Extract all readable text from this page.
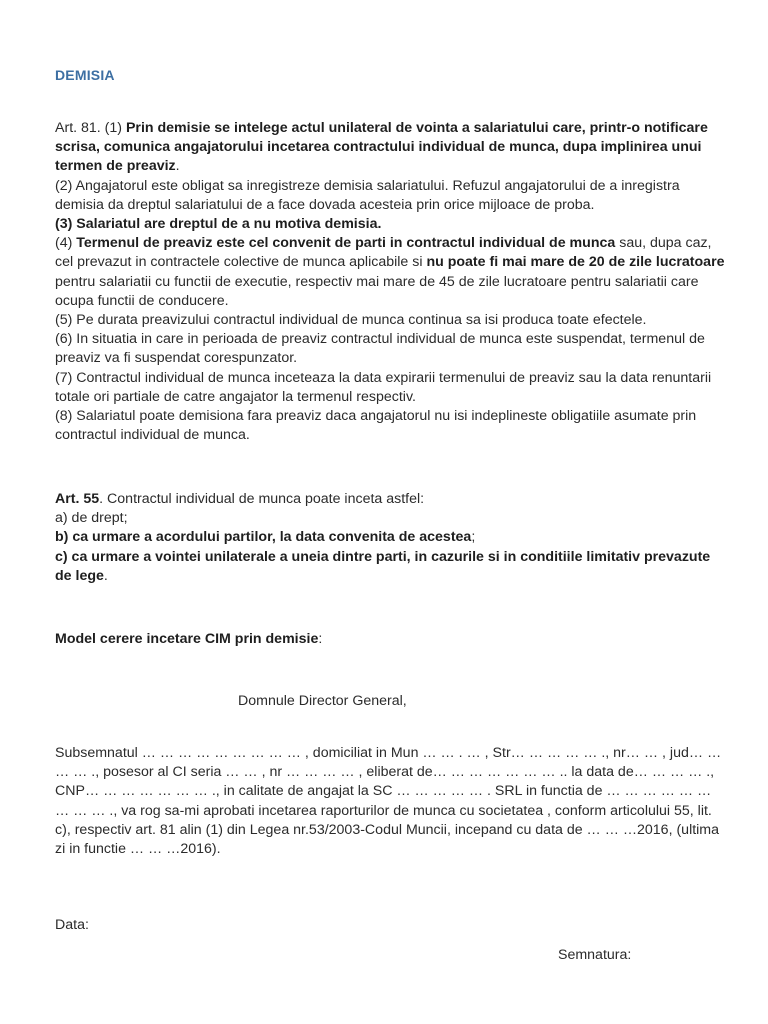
DEMISIA

Art. 81. (1) Prin demisie se intelege actul unilateral de vointa a salariatului care, printr-o notificare scrisa, comunica angajatorului incetarea contractului individual de munca, dupa implinirea unui termen de preaviz.

(2) Angajatorul este obligat sa inregistreze demisia salariatului. Refuzul angajatorului de a inregistra demisia da dreptul salariatului de a face dovada acesteia prin orice mijloace de proba.

(3) Salariatul are dreptul de a nu motiva demisia.

(4) Termenul de preaviz este cel convenit de parti in contractul individual de munca sau, dupa caz, cel prevazut in contractele colective de munca aplicabile si nu poate fi mai mare de 20 de zile lucratoare pentru salariatii cu functii de executie, respectiv mai mare de 45 de zile lucratoare pentru salariatii care ocupa functii de conducere.

(5) Pe durata preavizului contractul individual de munca continua sa isi produca toate efectele.

(6) In situatia in care in perioada de preaviz contractul individual de munca este suspendat, termenul de preaviz va fi suspendat corespunzator.

(7) Contractul individual de munca inceteaza la data expirarii termenului de preaviz sau la data renuntarii totale ori partiale de catre angajator la termenul respectiv.

(8) Salariatul poate demisiona fara preaviz daca angajatorul nu isi indeplineste obligatiile asumate prin contractul individual de munca.

Art. 55. Contractul individual de munca poate inceta astfel:

a) de drept;

b) ca urmare a acordului partilor, la data convenita de acestea;

c) ca urmare a vointei unilaterale a uneia dintre parti, in cazurile si in conditiile limitativ prevazute de lege.

Model cerere incetare CIM prin demisie:

Domnule Director General,
Subsemnatul … … … … … … … … … , domiciliat in Mun … … . … , Str… … … … … ., nr… … , jud… … … … ., posesor al CI seria … … , nr … … … … , eliberat de… … … … … … … .. la data de… … … … ., CNP… … … … … … … ., in calitate de angajat la SC … … … … … . SRL in functia de … … … … … … … … … ., va rog sa-mi aprobati incetarea raporturilor de munca cu societatea , conform articolului 55, lit. c), respectiv art. 81 alin (1) din Legea nr.53/2003-Codul Muncii, incepand cu data de … … …2016, (ultima zi in functie … … …2016).
Data:
Semnatura:
